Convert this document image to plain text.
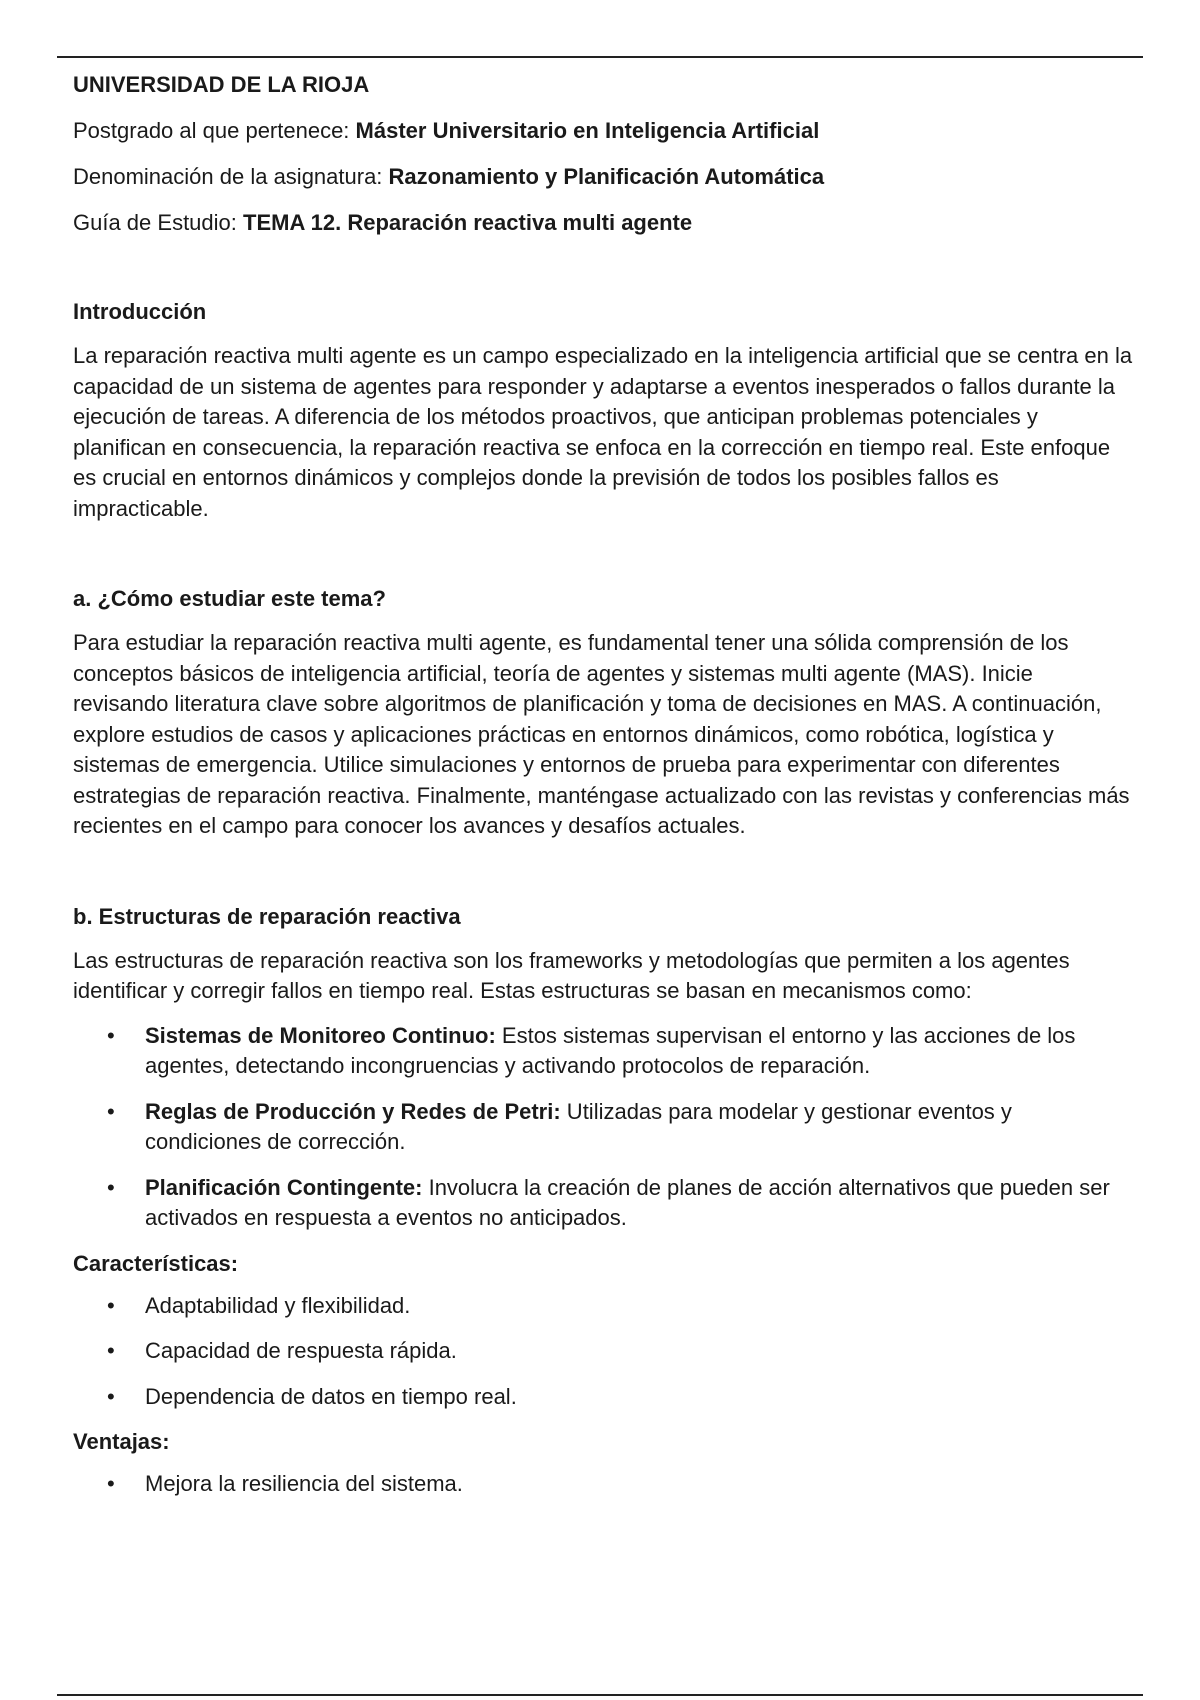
UNIVERSIDAD DE LA RIOJA
Postgrado al que pertenece: Máster Universitario en Inteligencia Artificial
Denominación de la asignatura: Razonamiento y Planificación Automática
Guía de Estudio: TEMA 12. Reparación reactiva multi agente
Introducción

La reparación reactiva multi agente es un campo especializado en la inteligencia artificial que se centra en la capacidad de un sistema de agentes para responder y adaptarse a eventos inesperados o fallos durante la ejecución de tareas. A diferencia de los métodos proactivos, que anticipan problemas potenciales y planifican en consecuencia, la reparación reactiva se enfoca en la corrección en tiempo real. Este enfoque es crucial en entornos dinámicos y complejos donde la previsión de todos los posibles fallos es impracticable.

a. ¿Cómo estudiar este tema?

Para estudiar la reparación reactiva multi agente, es fundamental tener una sólida comprensión de los conceptos básicos de inteligencia artificial, teoría de agentes y sistemas multi agente (MAS). Inicie revisando literatura clave sobre algoritmos de planificación y toma de decisiones en MAS. A continuación, explore estudios de casos y aplicaciones prácticas en entornos dinámicos, como robótica, logística y sistemas de emergencia. Utilice simulaciones y entornos de prueba para experimentar con diferentes estrategias de reparación reactiva. Finalmente, manténgase actualizado con las revistas y conferencias más recientes en el campo para conocer los avances y desafíos actuales.

b. Estructuras de reparación reactiva

Las estructuras de reparación reactiva son los frameworks y metodologías que permiten a los agentes identificar y corregir fallos en tiempo real. Estas estructuras se basan en mecanismos como:

• Sistemas de Monitoreo Continuo: Estos sistemas supervisan el entorno y las acciones de los agentes, detectando incongruencias y activando protocolos de reparación.
• Reglas de Producción y Redes de Petri: Utilizadas para modelar y gestionar eventos y condiciones de corrección.
• Planificación Contingente: Involucra la creación de planes de acción alternativos que pueden ser activados en respuesta a eventos no anticipados.
Características:
• Adaptabilidad y flexibilidad.
• Capacidad de respuesta rápida.
• Dependencia de datos en tiempo real.
Ventajas:
• Mejora la resiliencia del sistema.
